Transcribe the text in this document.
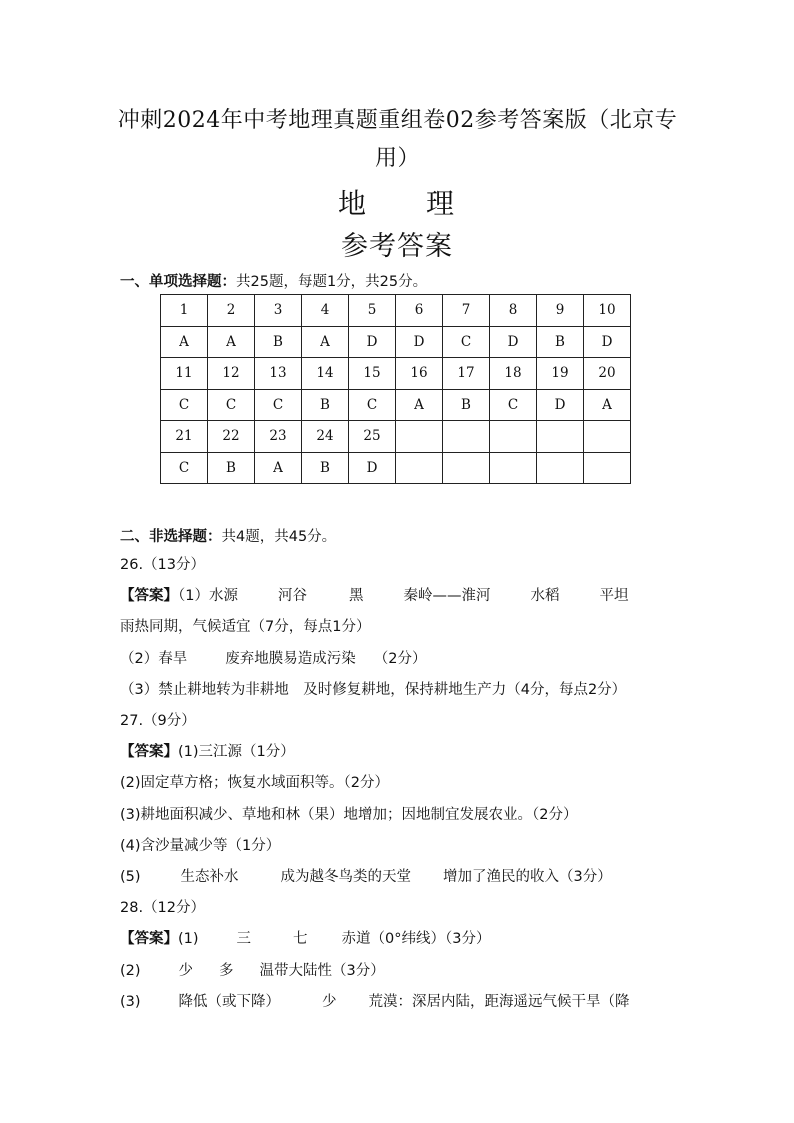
冲刺2024年中考地理真题重组卷02参考答案版（北京专用）
地 理
参考答案
一、单项选择题：共25题，每题1分，共25分。
1	2	3	4	5	6	7	8	9	10
A	A	B	A	D	D	C	D	B	D
11	12	13	14	15	16	17	18	19	20
C	C	C	B	C	A	B	C	D	A
21	22	23	24	25					
C	B	A	B	D					
二、非选择题：共4题，共45分。
26.（13分）
【答案】（1）水源	河谷	黑	秦岭——淮河	水稻	平坦
雨热同期，气候适宜（7分，每点1分）
（2）春旱	废弃地膜易造成污染 （2分）
（3）禁止耕地转为非耕地　及时修复耕地，保持耕地生产力（4分，每点2分）
27.（9分）
【答案】(1)三江源（1分）
(2)固定草方格；恢复水域面积等。（2分）
(3)耕地面积减少、草地和林（果）地增加；因地制宜发展农业。（2分）
(4)含沙量减少等（1分）
(5)	生态补水	成为越冬鸟类的天堂 增加了渔民的收入（3分）
28.（12分）
【答案】(1)	三	七 赤道（0°纬线）（3分）
(2)	少 多 温带大陆性（3分）
(3)	降低（或下降）	少 荒漠：深居内陆，距海遥远气候干旱（降
